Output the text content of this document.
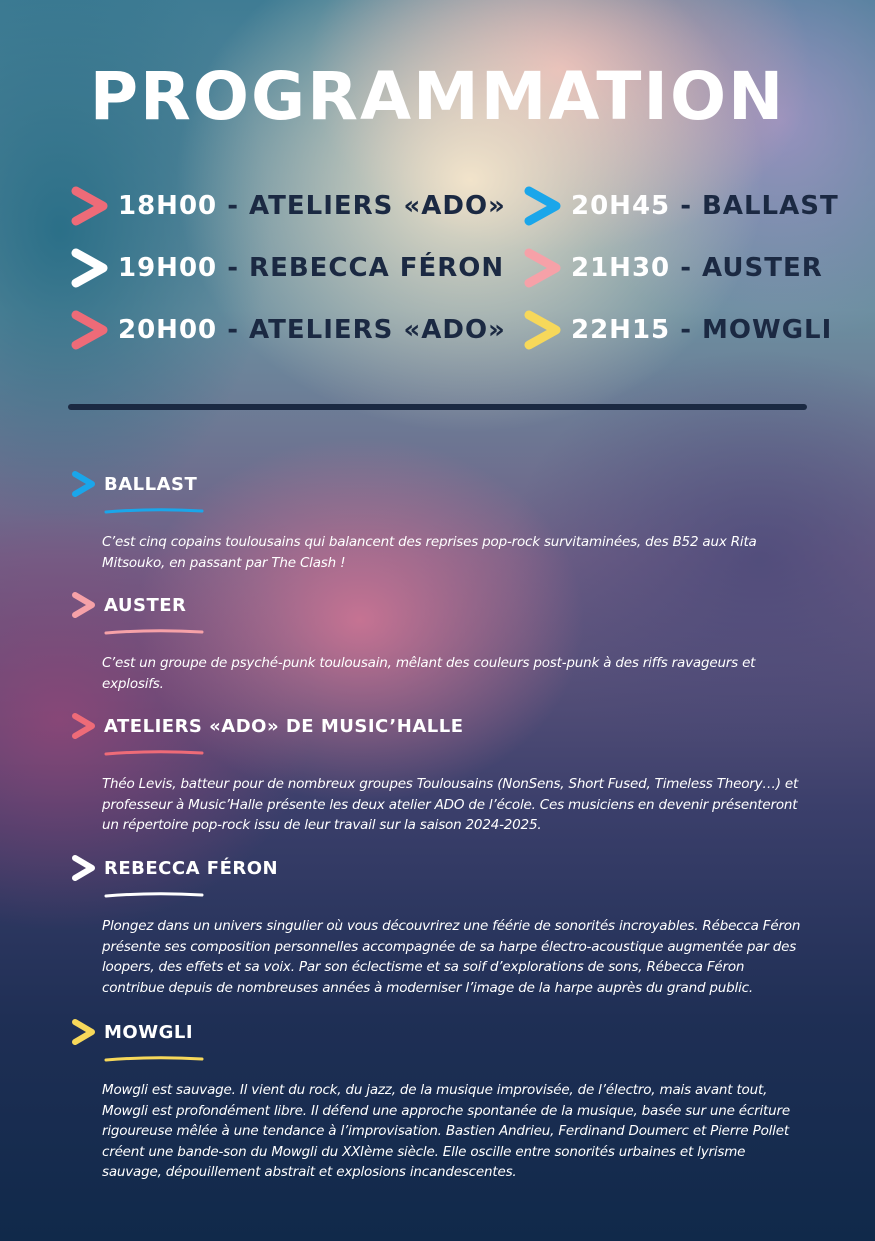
PROGRAMMATION
18H00 - ATELIERS «ADO»
19H00 - REBECCA FÉRON
20H00 - ATELIERS «ADO»
20H45 - BALLAST
21H30 - AUSTER
22H15 - MOWGLI
BALLAST
C’est cinq copains toulousains qui balancent des reprises pop-rock survitaminées, des B52 aux Rita Mitsouko, en passant par The Clash !
AUSTER
C’est un groupe de psyché-punk toulousain, mêlant des couleurs post-punk à des riffs ravageurs et explosifs.
ATELIERS «ADO» DE MUSIC’HALLE
Théo Levis, batteur pour de nombreux groupes Toulousains (NonSens, Short Fused, Timeless Theory…) et professeur à Music’Halle présente les deux atelier ADO de l’école. Ces musiciens en devenir présenteront un répertoire pop-rock issu de leur travail sur la saison 2024-2025.
REBECCA FÉRON
Plongez dans un univers singulier où vous découvrirez une féérie de sonorités incroyables. Rébecca Féron présente ses composition personnelles accompagnée de sa harpe électro-acoustique augmentée par des loopers, des effets et sa voix. Par son éclectisme et sa soif d’explorations de sons, Rébecca Féron contribue depuis de nombreuses années à moderniser l’image de la harpe auprès du grand public.
MOWGLI
Mowgli est sauvage. Il vient du rock, du jazz, de la musique improvisée, de l’électro, mais avant tout, Mowgli est profondément libre. Il défend une approche spontanée de la musique, basée sur une écriture rigoureuse mêlée à une tendance à l’improvisation. Bastien Andrieu, Ferdinand Doumerc et Pierre Pollet créent une bande-son du Mowgli du XXIème siècle. Elle oscille entre sonorités urbaines et lyrisme sauvage, dépouillement abstrait et explosions incandescentes.
